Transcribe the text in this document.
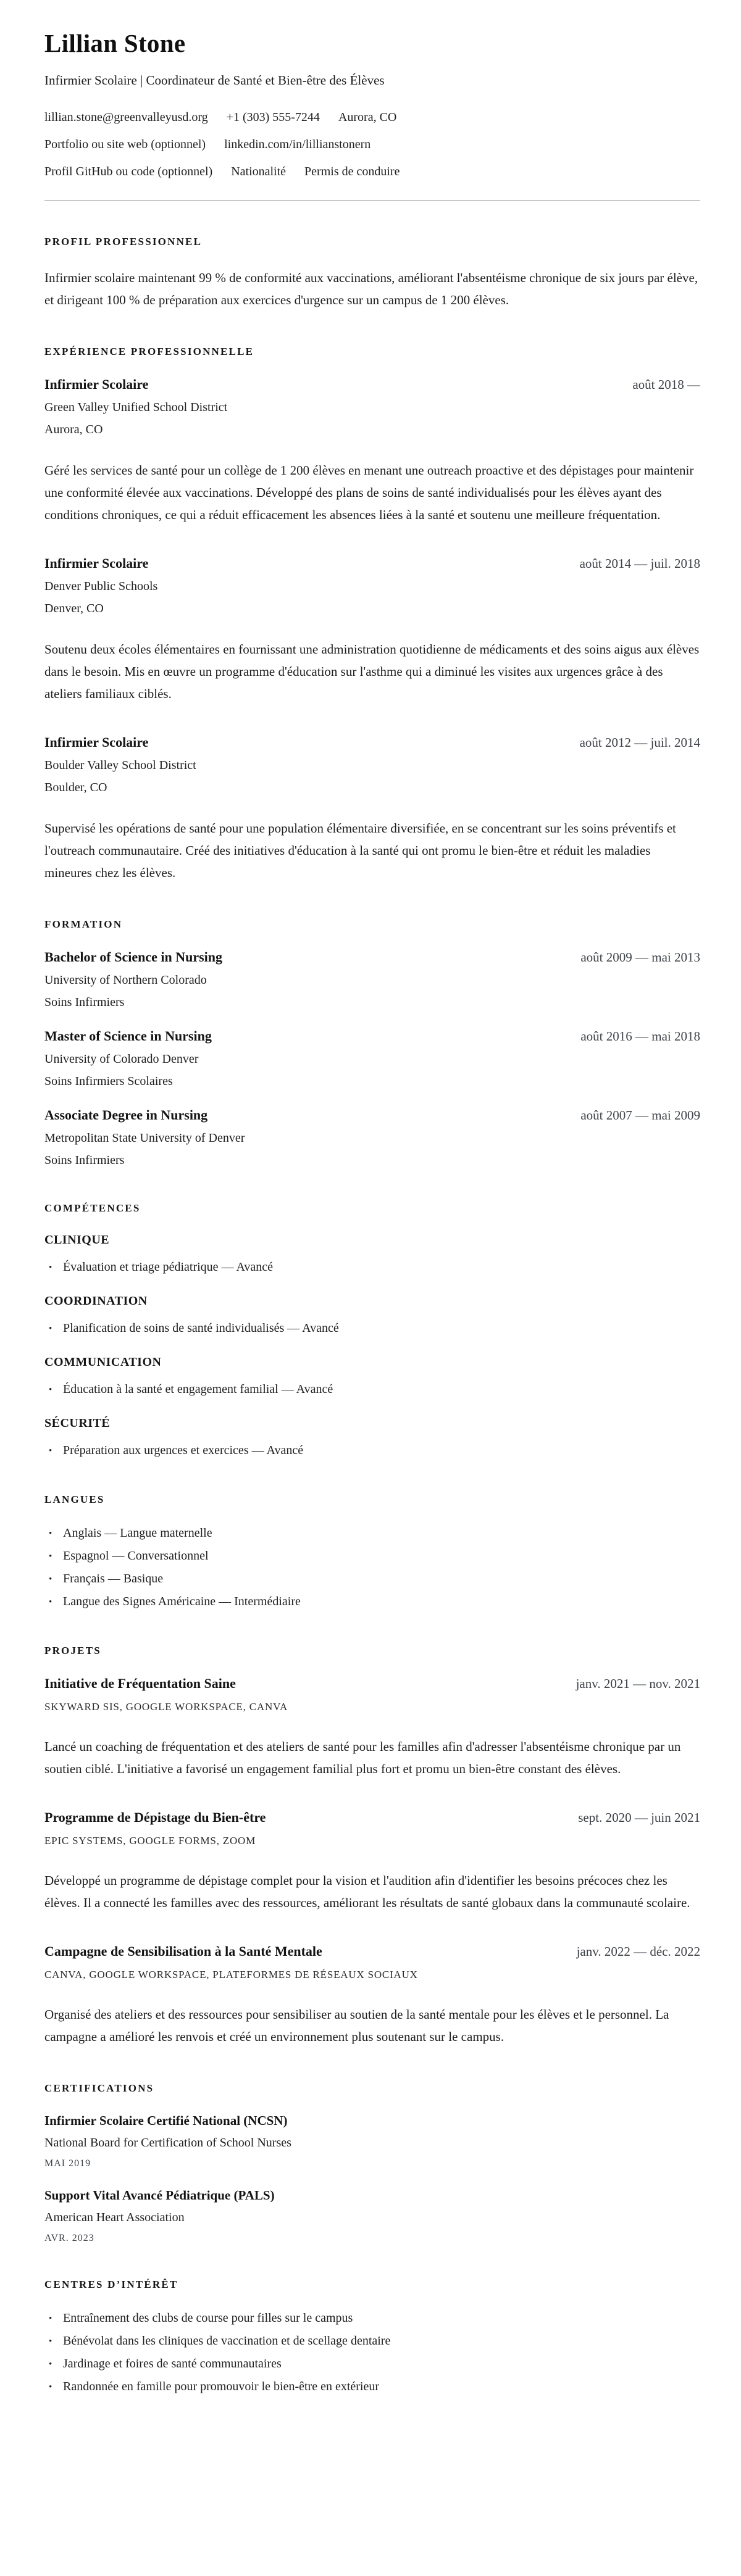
Lillian Stone
Infirmier Scolaire | Coordinateur de Santé et Bien-être des Élèves
lillian.stone@greenvalleyusd.org +1 (303) 555-7244 Aurora, CO
Portfolio ou site web (optionnel) linkedin.com/in/lillianstonern
Profil GitHub ou code (optionnel) Nationalité Permis de conduire
PROFIL PROFESSIONNEL

Infirmier scolaire maintenant 99 % de conformité aux vaccinations, améliorant l'absentéisme chronique de six jours par élève, et dirigeant 100 % de préparation aux exercices d'urgence sur un campus de 1 200 élèves.

EXPÉRIENCE PROFESSIONNELLE
Infirmier Scolaire	août 2018 —
Green Valley Unified School District
Aurora, CO

Géré les services de santé pour un collège de 1 200 élèves en menant une outreach proactive et des dépistages pour maintenir une conformité élevée aux vaccinations. Développé des plans de soins de santé individualisés pour les élèves ayant des conditions chroniques, ce qui a réduit efficacement les absences liées à la santé et soutenu une meilleure fréquentation.

Infirmier Scolaire	août 2014 — juil. 2018
Denver Public Schools
Denver, CO

Soutenu deux écoles élémentaires en fournissant une administration quotidienne de médicaments et des soins aigus aux élèves dans le besoin. Mis en œuvre un programme d'éducation sur l'asthme qui a diminué les visites aux urgences grâce à des ateliers familiaux ciblés.

Infirmier Scolaire	août 2012 — juil. 2014
Boulder Valley School District
Boulder, CO

Supervisé les opérations de santé pour une population élémentaire diversifiée, en se concentrant sur les soins préventifs et l'outreach communautaire. Créé des initiatives d'éducation à la santé qui ont promu le bien-être et réduit les maladies mineures chez les élèves.

FORMATION
Bachelor of Science in Nursing	août 2009 — mai 2013
University of Northern Colorado
Soins Infirmiers
Master of Science in Nursing	août 2016 — mai 2018
University of Colorado Denver
Soins Infirmiers Scolaires
Associate Degree in Nursing	août 2007 — mai 2009
Metropolitan State University of Denver
Soins Infirmiers
COMPÉTENCES
CLINIQUE
• Évaluation et triage pédiatrique — Avancé
COORDINATION
• Planification de soins de santé individualisés — Avancé
COMMUNICATION
• Éducation à la santé et engagement familial — Avancé
SÉCURITÉ
• Préparation aux urgences et exercices — Avancé
LANGUES
• Anglais — Langue maternelle
• Espagnol — Conversationnel
• Français — Basique
• Langue des Signes Américaine — Intermédiaire
PROJETS
Initiative de Fréquentation Saine	janv. 2021 — nov. 2021
SKYWARD SIS, GOOGLE WORKSPACE, CANVA

Lancé un coaching de fréquentation et des ateliers de santé pour les familles afin d'adresser l'absentéisme chronique par un soutien ciblé. L'initiative a favorisé un engagement familial plus fort et promu un bien-être constant des élèves.

Programme de Dépistage du Bien-être	sept. 2020 — juin 2021
EPIC SYSTEMS, GOOGLE FORMS, ZOOM

Développé un programme de dépistage complet pour la vision et l'audition afin d'identifier les besoins précoces chez les élèves. Il a connecté les familles avec des ressources, améliorant les résultats de santé globaux dans la communauté scolaire.

Campagne de Sensibilisation à la Santé Mentale	janv. 2022 — déc. 2022
CANVA, GOOGLE WORKSPACE, PLATEFORMES DE RÉSEAUX SOCIAUX

Organisé des ateliers et des ressources pour sensibiliser au soutien de la santé mentale pour les élèves et le personnel. La campagne a amélioré les renvois et créé un environnement plus soutenant sur le campus.

CERTIFICATIONS
Infirmier Scolaire Certifié National (NCSN)
National Board for Certification of School Nurses
MAI 2019
Support Vital Avancé Pédiatrique (PALS)
American Heart Association
AVR. 2023
CENTRES D’INTÉRÊT
• Entraînement des clubs de course pour filles sur le campus
• Bénévolat dans les cliniques de vaccination et de scellage dentaire
• Jardinage et foires de santé communautaires
• Randonnée en famille pour promouvoir le bien-être en extérieur
